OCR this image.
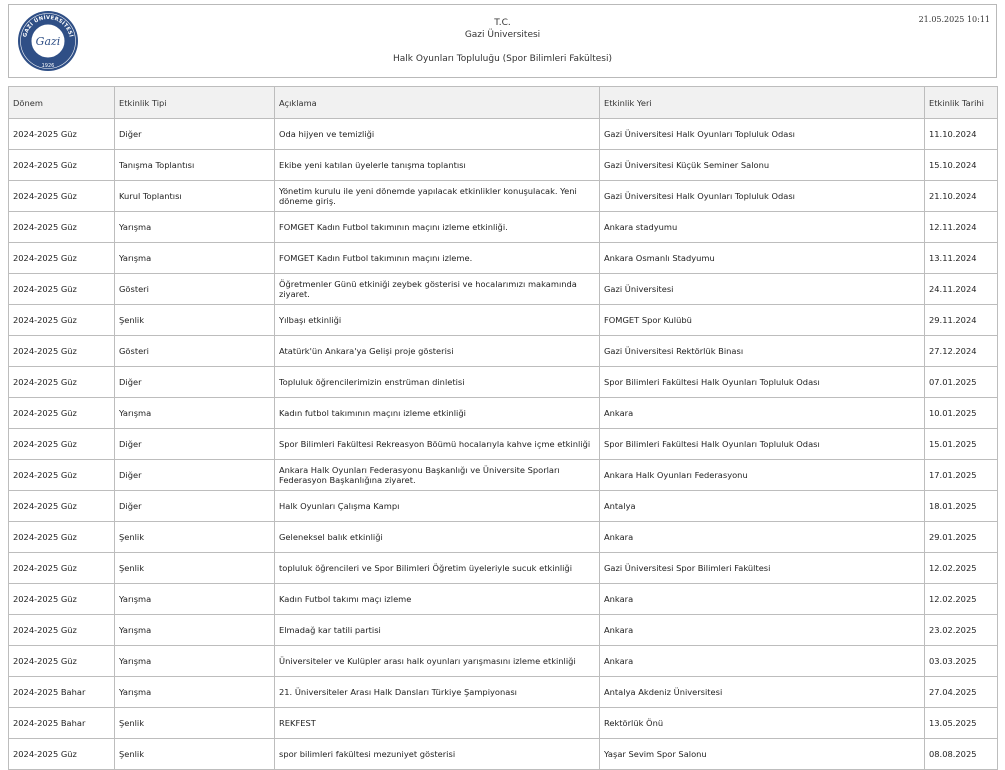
GAZİ ÜNİVERSİTESİ
Gazi
1926
T.C.
Gazi Üniversitesi
Halk Oyunları Topluluğu (Spor Bilimleri Fakültesi)
21.05.2025 10:11
Dönem	Etkinlik Tipi	Açıklama	Etkinlik Yeri	Etkinlik Tarihi
2024-2025 Güz	Diğer	Oda hijyen ve temizliği	Gazi Üniversitesi Halk Oyunları Topluluk Odası	11.10.2024
2024-2025 Güz	Tanışma Toplantısı	Ekibe yeni katılan üyelerle tanışma toplantısı	Gazi Üniversitesi Küçük Seminer Salonu	15.10.2024
2024-2025 Güz	Kurul Toplantısı	Yönetim kurulu ile yeni dönemde yapılacak etkinlikler konuşulacak. Yeni döneme giriş.	Gazi Üniversitesi Halk Oyunları Topluluk Odası	21.10.2024
2024-2025 Güz	Yarışma	FOMGET Kadın Futbol takımının maçını izleme etkinliği.	Ankara stadyumu	12.11.2024
2024-2025 Güz	Yarışma	FOMGET Kadın Futbol takımının maçını izleme.	Ankara Osmanlı Stadyumu	13.11.2024
2024-2025 Güz	Gösteri	Öğretmenler Günü etkiniği zeybek gösterisi ve hocalarımızı makamında ziyaret.	Gazi Üniversitesi	24.11.2024
2024-2025 Güz	Şenlik	Yılbaşı etkinliği	FOMGET Spor Kulübü	29.11.2024
2024-2025 Güz	Gösteri	Atatürk'ün Ankara'ya Gelişi proje gösterisi	Gazi Üniversitesi Rektörlük Binası	27.12.2024
2024-2025 Güz	Diğer	Topluluk öğrencilerimizin enstrüman dinletisi	Spor Bilimleri Fakültesi Halk Oyunları Topluluk Odası	07.01.2025
2024-2025 Güz	Yarışma	Kadın futbol takımının maçını izleme etkinliği	Ankara	10.01.2025
2024-2025 Güz	Diğer	Spor Bilimleri Fakültesi Rekreasyon Böümü hocalarıyla kahve içme etkinliği	Spor Bilimleri Fakültesi Halk Oyunları Topluluk Odası	15.01.2025
2024-2025 Güz	Diğer	Ankara Halk Oyunları Federasyonu Başkanlığı ve Üniversite Sporları Federasyon Başkanlığına ziyaret.	Ankara Halk Oyunları Federasyonu	17.01.2025
2024-2025 Güz	Diğer	Halk Oyunları Çalışma Kampı	Antalya	18.01.2025
2024-2025 Güz	Şenlik	Geleneksel balık etkinliği	Ankara	29.01.2025
2024-2025 Güz	Şenlik	topluluk öğrencileri ve Spor Bilimleri Öğretim üyeleriyle sucuk etkinliği	Gazi Üniversitesi Spor Bilimleri Fakültesi	12.02.2025
2024-2025 Güz	Yarışma	Kadın Futbol takımı maçı izleme	Ankara	12.02.2025
2024-2025 Güz	Yarışma	Elmadağ kar tatili partisi	Ankara	23.02.2025
2024-2025 Güz	Yarışma	Üniversiteler ve Kulüpler arası halk oyunları yarışmasını izleme etkinliği	Ankara	03.03.2025
2024-2025 Bahar	Yarışma	21. Üniversiteler Arası Halk Dansları Türkiye Şampiyonası	Antalya Akdeniz Üniversitesi	27.04.2025
2024-2025 Bahar	Şenlik	REKFEST	Rektörlük Önü	13.05.2025
2024-2025 Güz	Şenlik	spor bilimleri fakültesi mezuniyet gösterisi	Yaşar Sevim Spor Salonu	08.08.2025
